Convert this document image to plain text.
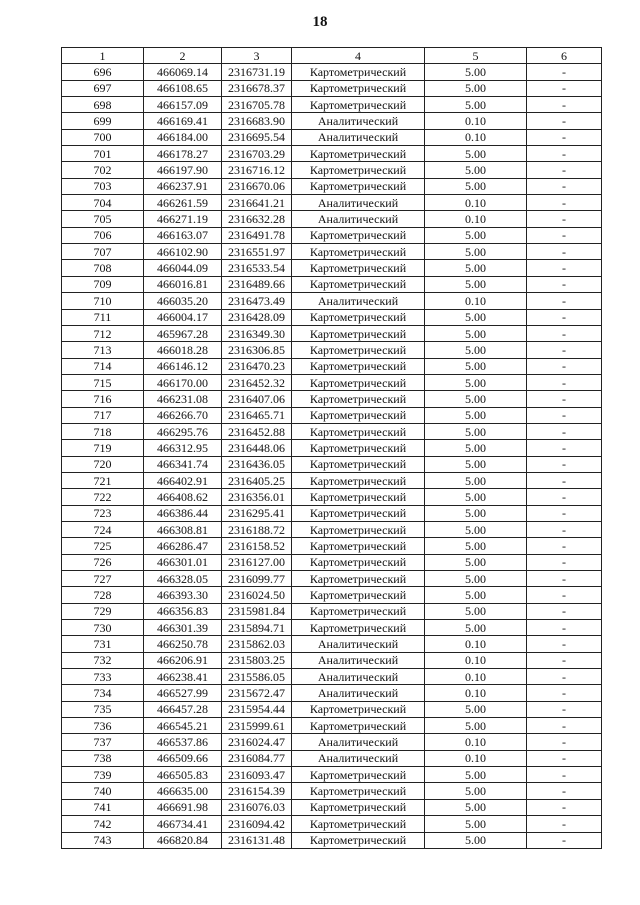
18
1	2	3	4	5	6
696	466069.14	2316731.19	Картометрический	5.00	-
697	466108.65	2316678.37	Картометрический	5.00	-
698	466157.09	2316705.78	Картометрический	5.00	-
699	466169.41	2316683.90	Аналитический	0.10	-
700	466184.00	2316695.54	Аналитический	0.10	-
701	466178.27	2316703.29	Картометрический	5.00	-
702	466197.90	2316716.12	Картометрический	5.00	-
703	466237.91	2316670.06	Картометрический	5.00	-
704	466261.59	2316641.21	Аналитический	0.10	-
705	466271.19	2316632.28	Аналитический	0.10	-
706	466163.07	2316491.78	Картометрический	5.00	-
707	466102.90	2316551.97	Картометрический	5.00	-
708	466044.09	2316533.54	Картометрический	5.00	-
709	466016.81	2316489.66	Картометрический	5.00	-
710	466035.20	2316473.49	Аналитический	0.10	-
711	466004.17	2316428.09	Картометрический	5.00	-
712	465967.28	2316349.30	Картометрический	5.00	-
713	466018.28	2316306.85	Картометрический	5.00	-
714	466146.12	2316470.23	Картометрический	5.00	-
715	466170.00	2316452.32	Картометрический	5.00	-
716	466231.08	2316407.06	Картометрический	5.00	-
717	466266.70	2316465.71	Картометрический	5.00	-
718	466295.76	2316452.88	Картометрический	5.00	-
719	466312.95	2316448.06	Картометрический	5.00	-
720	466341.74	2316436.05	Картометрический	5.00	-
721	466402.91	2316405.25	Картометрический	5.00	-
722	466408.62	2316356.01	Картометрический	5.00	-
723	466386.44	2316295.41	Картометрический	5.00	-
724	466308.81	2316188.72	Картометрический	5.00	-
725	466286.47	2316158.52	Картометрический	5.00	-
726	466301.01	2316127.00	Картометрический	5.00	-
727	466328.05	2316099.77	Картометрический	5.00	-
728	466393.30	2316024.50	Картометрический	5.00	-
729	466356.83	2315981.84	Картометрический	5.00	-
730	466301.39	2315894.71	Картометрический	5.00	-
731	466250.78	2315862.03	Аналитический	0.10	-
732	466206.91	2315803.25	Аналитический	0.10	-
733	466238.41	2315586.05	Аналитический	0.10	-
734	466527.99	2315672.47	Аналитический	0.10	-
735	466457.28	2315954.44	Картометрический	5.00	-
736	466545.21	2315999.61	Картометрический	5.00	-
737	466537.86	2316024.47	Аналитический	0.10	-
738	466509.66	2316084.77	Аналитический	0.10	-
739	466505.83	2316093.47	Картометрический	5.00	-
740	466635.00	2316154.39	Картометрический	5.00	-
741	466691.98	2316076.03	Картометрический	5.00	-
742	466734.41	2316094.42	Картометрический	5.00	-
743	466820.84	2316131.48	Картометрический	5.00	-
